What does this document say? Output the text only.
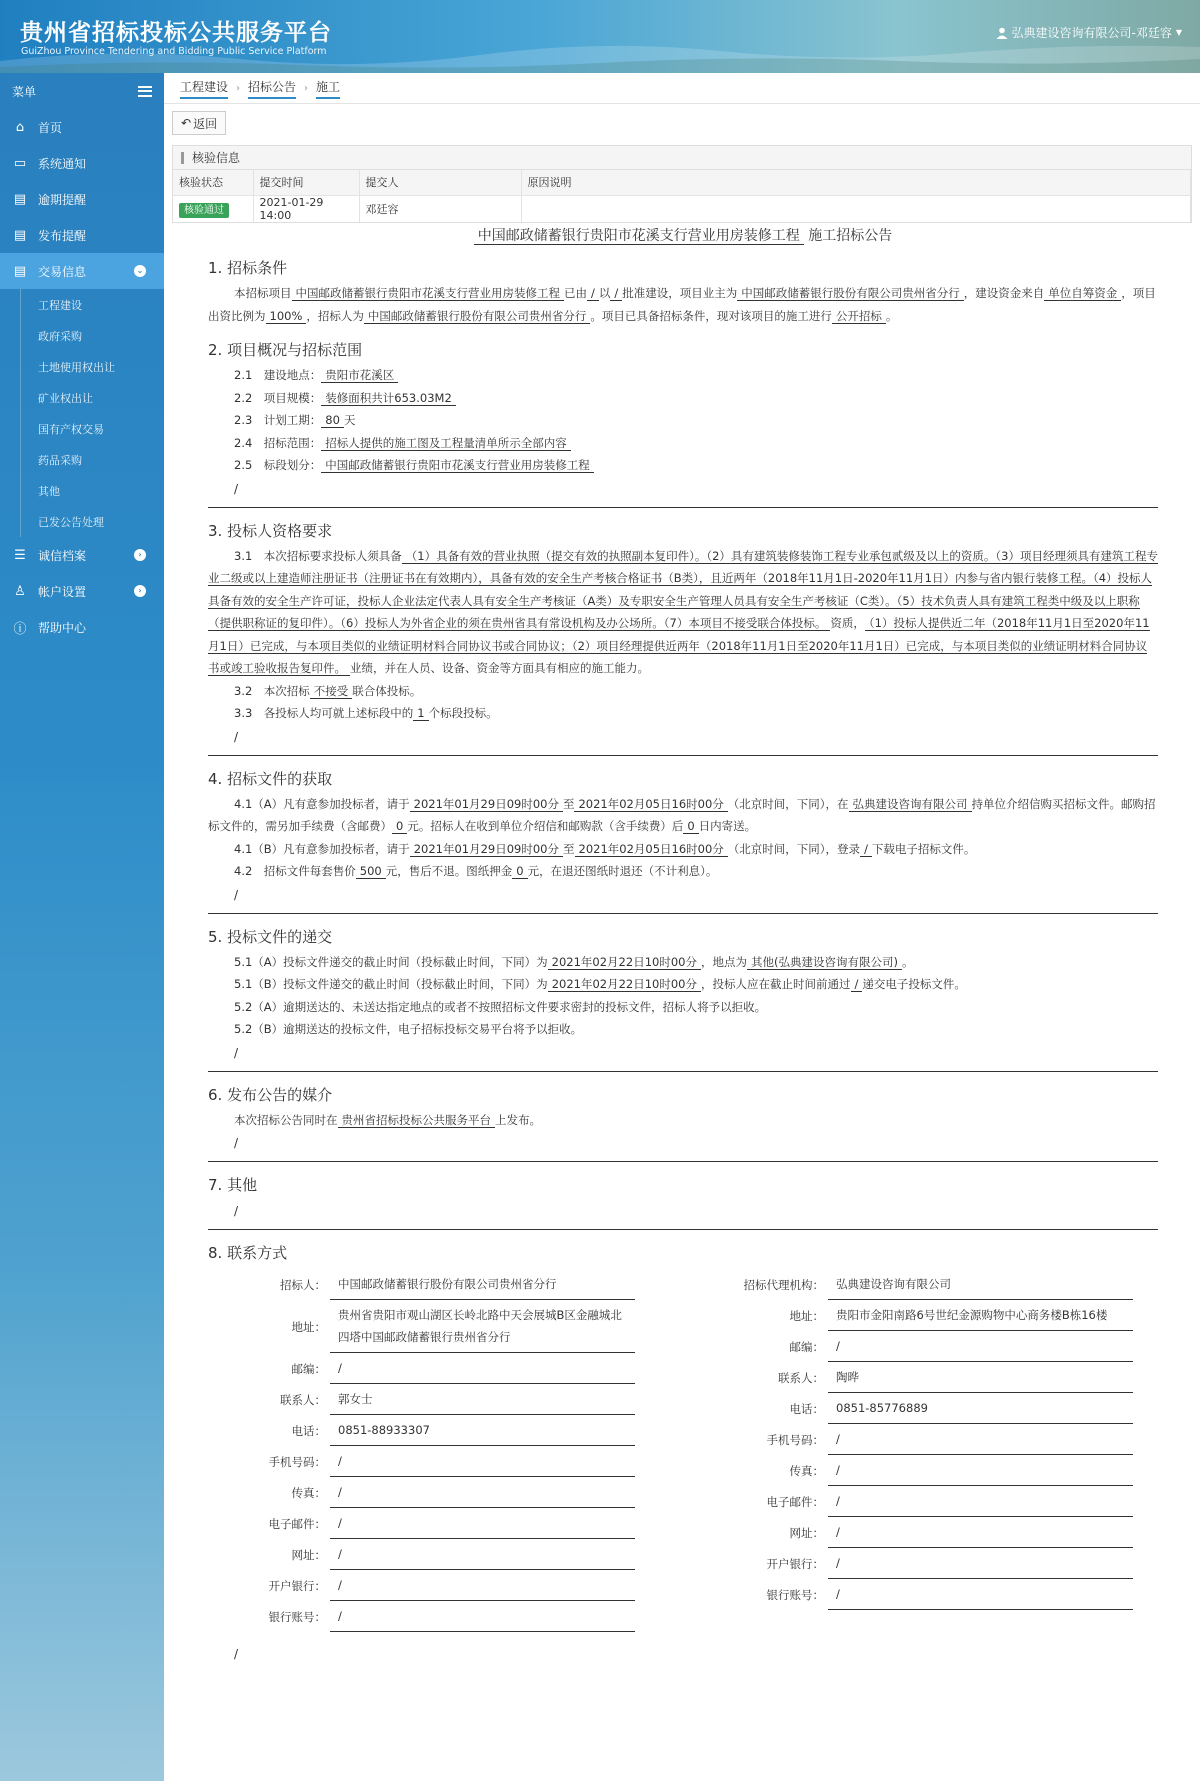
贵州省招标投标公共服务平台
GuiZhou Province Tendering and Bidding Public Service Platform
弘典建设咨询有限公司-邓廷容 ▼
菜单
⌂	首页
▭ 系统通知
▤ 逾期提醒
▤ 发布提醒
▤ 交易信息	⌄
工程建设
政府采购
土地使用权出让
矿业权出让
国有产权交易
药品采购
其他
已发公告处理
☰ 诚信档案	›
♙ 帐户设置	›
ⓘ 帮助中心
工程建设 › 招标公告 › 施工
↶ 返回
核验信息
核验状态	提交时间	提交人	原因说明
核验通过	2021-01-29 14:00	邓廷容	
中国邮政储蓄银行贵阳市花溪支行营业用房装修工程 施工招标公告
1. 招标条件
本招标项目 中国邮政储蓄银行贵阳市花溪支行营业用房装修工程 已由 / 以 / 批准建设，项目业主为 中国邮政储蓄银行股份有限公司贵州省分行 ，建设资金来自 单位自筹资金 ，项目出资比例为 100% ，招标人为 中国邮政储蓄银行股份有限公司贵州省分行 。项目已具备招标条件，现对该项目的施工进行 公开招标 。
2. 项目概况与招标范围
2.1　建设地点： 贵阳市花溪区
2.2　项目规模： 装修面积共计653.03M2
2.3　计划工期： 80 天
2.4　招标范围： 招标人提供的施工图及工程量清单所示全部内容
2.5　标段划分： 中国邮政储蓄银行贵阳市花溪支行营业用房装修工程
/
3. 投标人资格要求
3.1　本次招标要求投标人须具备 （1）具备有效的营业执照（提交有效的执照副本复印件）。（2）具有建筑装修装饰工程专业承包贰级及以上的资质。（3）项目经理须具有建筑工程专业二级或以上建造师注册证书（注册证书在有效期内），具备有效的安全生产考核合格证书（B类），且近两年（2018年11月1日-2020年11月1日）内参与省内银行装修工程。（4）投标人具备有效的安全生产许可证，投标人企业法定代表人具有安全生产考核证（A类）及专职安全生产管理人员具有安全生产考核证（C类）。（5）技术负责人具有建筑工程类中级及以上职称（提供职称证的复印件）。（6）投标人为外省企业的须在贵州省具有常设机构及办公场所。（7）本项目不接受联合体投标。 资质， （1）投标人提供近二年（2018年11月1日至2020年11月1日）已完成，与本项目类似的业绩证明材料合同协议书或合同协议；（2）项目经理提供近两年（2018年11月1日至2020年11月1日）已完成，与本项目类似的业绩证明材料合同协议书或竣工验收报告复印件。 业绩，并在人员、设备、资金等方面具有相应的施工能力。
3.2　本次招标 不接受 联合体投标。
3.3　各投标人均可就上述标段中的 1 个标段投标。
/
4. 招标文件的获取
4.1（A）凡有意参加投标者，请于 2021年01月29日09时00分 至 2021年02月05日16时00分 （北京时间，下同），在 弘典建设咨询有限公司 持单位介绍信购买招标文件。邮购招标文件的，需另加手续费（含邮费） 0 元。招标人在收到单位介绍信和邮购款（含手续费）后 0 日内寄送。
4.1（B）凡有意参加投标者，请于 2021年01月29日09时00分 至 2021年02月05日16时00分 （北京时间，下同），登录 / 下载电子招标文件。
4.2　招标文件每套售价 500 元，售后不退。图纸押金 0 元，在退还图纸时退还（不计利息）。
/
5. 投标文件的递交
5.1（A）投标文件递交的截止时间（投标截止时间，下同）为 2021年02月22日10时00分 ，地点为 其他(弘典建设咨询有限公司) 。
5.1（B）投标文件递交的截止时间（投标截止时间，下同）为 2021年02月22日10时00分 ，投标人应在截止时间前通过 / 递交电子投标文件。
5.2（A）逾期送达的、未送达指定地点的或者不按照招标文件要求密封的投标文件，招标人将予以拒收。
5.2（B）逾期送达的投标文件，电子招标投标交易平台将予以拒收。
/
6. 发布公告的媒介
本次招标公告同时在 贵州省招标投标公共服务平台 上发布。
/
7. 其他
/
8. 联系方式
招标人：	中国邮政储蓄银行股份有限公司贵州省分行
地址：
贵州省贵阳市观山湖区长岭北路中天会展城B区金融城北四塔中国邮政储蓄银行贵州省分行
邮编：	/
联系人：	郭女士
电话：	0851-88933307
手机号码：	/
传真：	/
电子邮件：	/
网址：	/
开户银行：	/
银行账号：	/
招标代理机构：	弘典建设咨询有限公司
地址：	贵阳市金阳南路6号世纪金源购物中心商务楼B栋16楼
邮编：	/
联系人：	陶晔
电话：	0851-85776889
手机号码：	/
传真：	/
电子邮件：	/
网址：	/
开户银行：	/
银行账号：	/
/
